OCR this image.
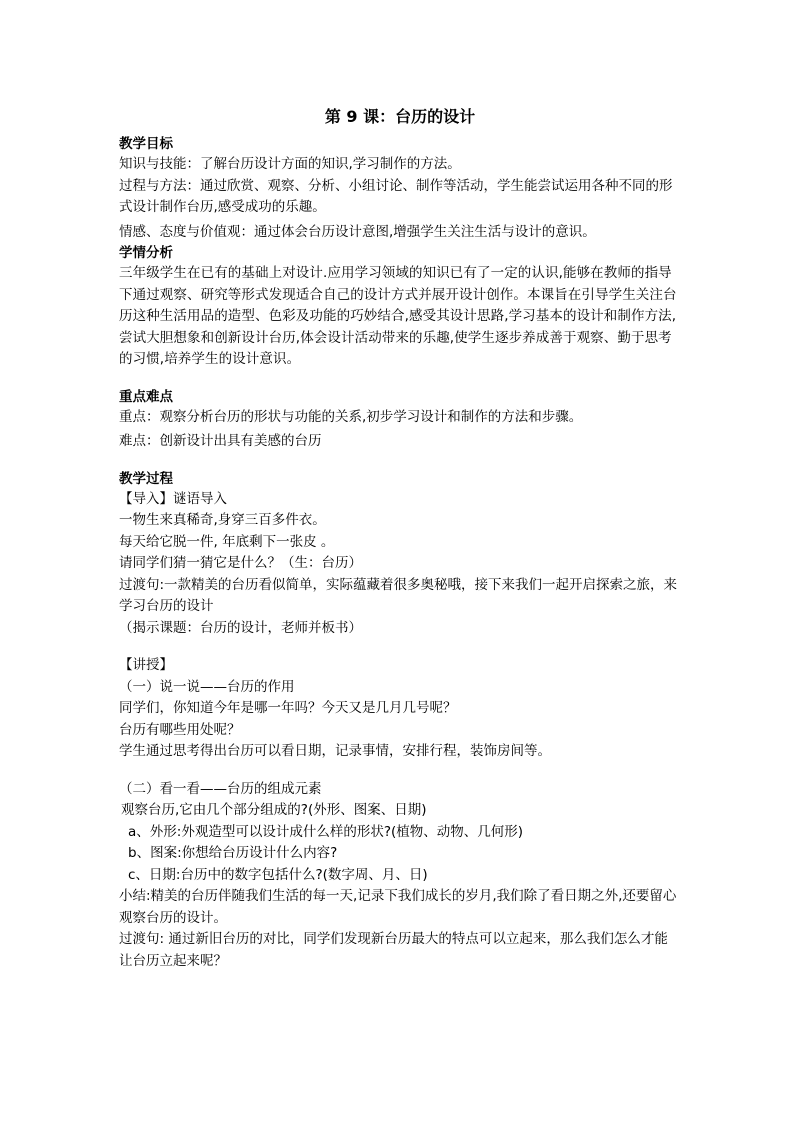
第 9 课：台历的设计
教学目标
知识与技能：了解台历设计方面的知识,学习制作的方法。
过程与方法：通过欣赏、观察、分析、小组讨论、制作等活动，学生能尝试运用各种不同的形式设计制作台历,感受成功的乐趣。
情感、态度与价值观：通过体会台历设计意图,增强学生关注生活与设计的意识。
学情分析
三年级学生在已有的基础上对设计.应用学习领域的知识已有了一定的认识,能够在教师的指导下通过观察、研究等形式发现适合自己的设计方式并展开设计创作。本课旨在引导学生关注台历这种生活用品的造型、色彩及功能的巧妙结合,感受其设计思路,学习基本的设计和制作方法,尝试大胆想象和创新设计台历,体会设计活动带来的乐趣,使学生逐步养成善于观察、勤于思考的习惯,培养学生的设计意识。
重点难点
重点：观察分析台历的形状与功能的关系,初步学习设计和制作的方法和步骤。
难点：创新设计出具有美感的台历
教学过程
【导入】谜语导入
一物生来真稀奇,身穿三百多件衣。
每天给它脱一件, 年底剩下一张皮 。
请同学们猜一猜它是什么？（生：台历）
过渡句:一款精美的台历看似简单，实际蕴藏着很多奥秘哦，接下来我们一起开启探索之旅，来学习台历的设计
（揭示课题：台历的设计，老师并板书）
【讲授】
（一）说一说——台历的作用
同学们，你知道今年是哪一年吗？今天又是几月几号呢？
台历有哪些用处呢？
学生通过思考得出台历可以看日期，记录事情，安排行程，装饰房间等。
（二）看一看——台历的组成元素
观察台历,它由几个部分组成的?(外形、图案、日期)
a、外形:外观造型可以设计成什么样的形状?(植物、动物、几何形)
b、图案:你想给台历设计什么内容?
c、日期:台历中的数字包括什么?(数字周、月、日)
小结:精美的台历伴随我们生活的每一天,记录下我们成长的岁月,我们除了看日期之外,还要留心观察台历的设计。
过渡句: 通过新旧台历的对比，同学们发现新台历最大的特点可以立起来，那么我们怎么才能让台历立起来呢？
